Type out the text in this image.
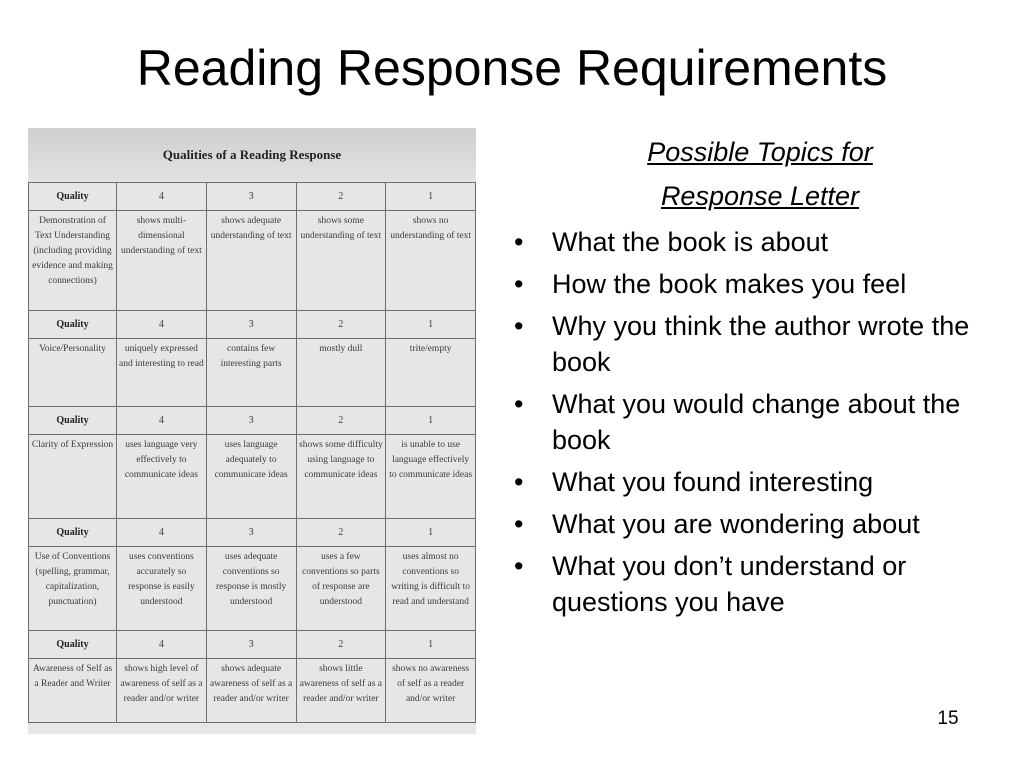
Reading Response Requirements
Qualities of a Reading Response
Quality	4	3	2	1
Demonstration of Text Understanding (including providing evidence and making connections)	shows multi-dimensional understanding of text	shows adequate understanding of text	shows some understanding of text	shows no understanding of text
Quality	4	3	2	1
Voice/Personality	uniquely expressed and interesting to read	contains few interesting parts	mostly dull	trite/empty
Quality	4	3	2	1
Clarity of Expression	uses language very effectively to communicate ideas	uses language adequately to communicate ideas	shows some difficulty using language to communicate ideas	is unable to use language effectively to communicate ideas
Quality	4	3	2	1
Use of Conventions (spelling, grammar, capitalization, punctuation)	uses conventions accurately so response is easily understood	uses adequate conventions so response is mostly understood	uses a few conventions so parts of response are understood	uses almost no conventions so writing is difficult to read and understand
Quality	4	3	2	1
Awareness of Self as a Reader and Writer	shows high level of awareness of self as a reader and/or writer	shows adequate awareness of self as a reader and/or writer	shows little awareness of self as a reader and/or writer	shows no awareness of self as a reader and/or writer
Possible Topics for
Response Letter
• What the book is about
• How the book makes you feel
• Why you think the author wrote the book
• What you would change about the book
• What you found interesting
• What you are wondering about
• What you don’t understand or questions you have
15
